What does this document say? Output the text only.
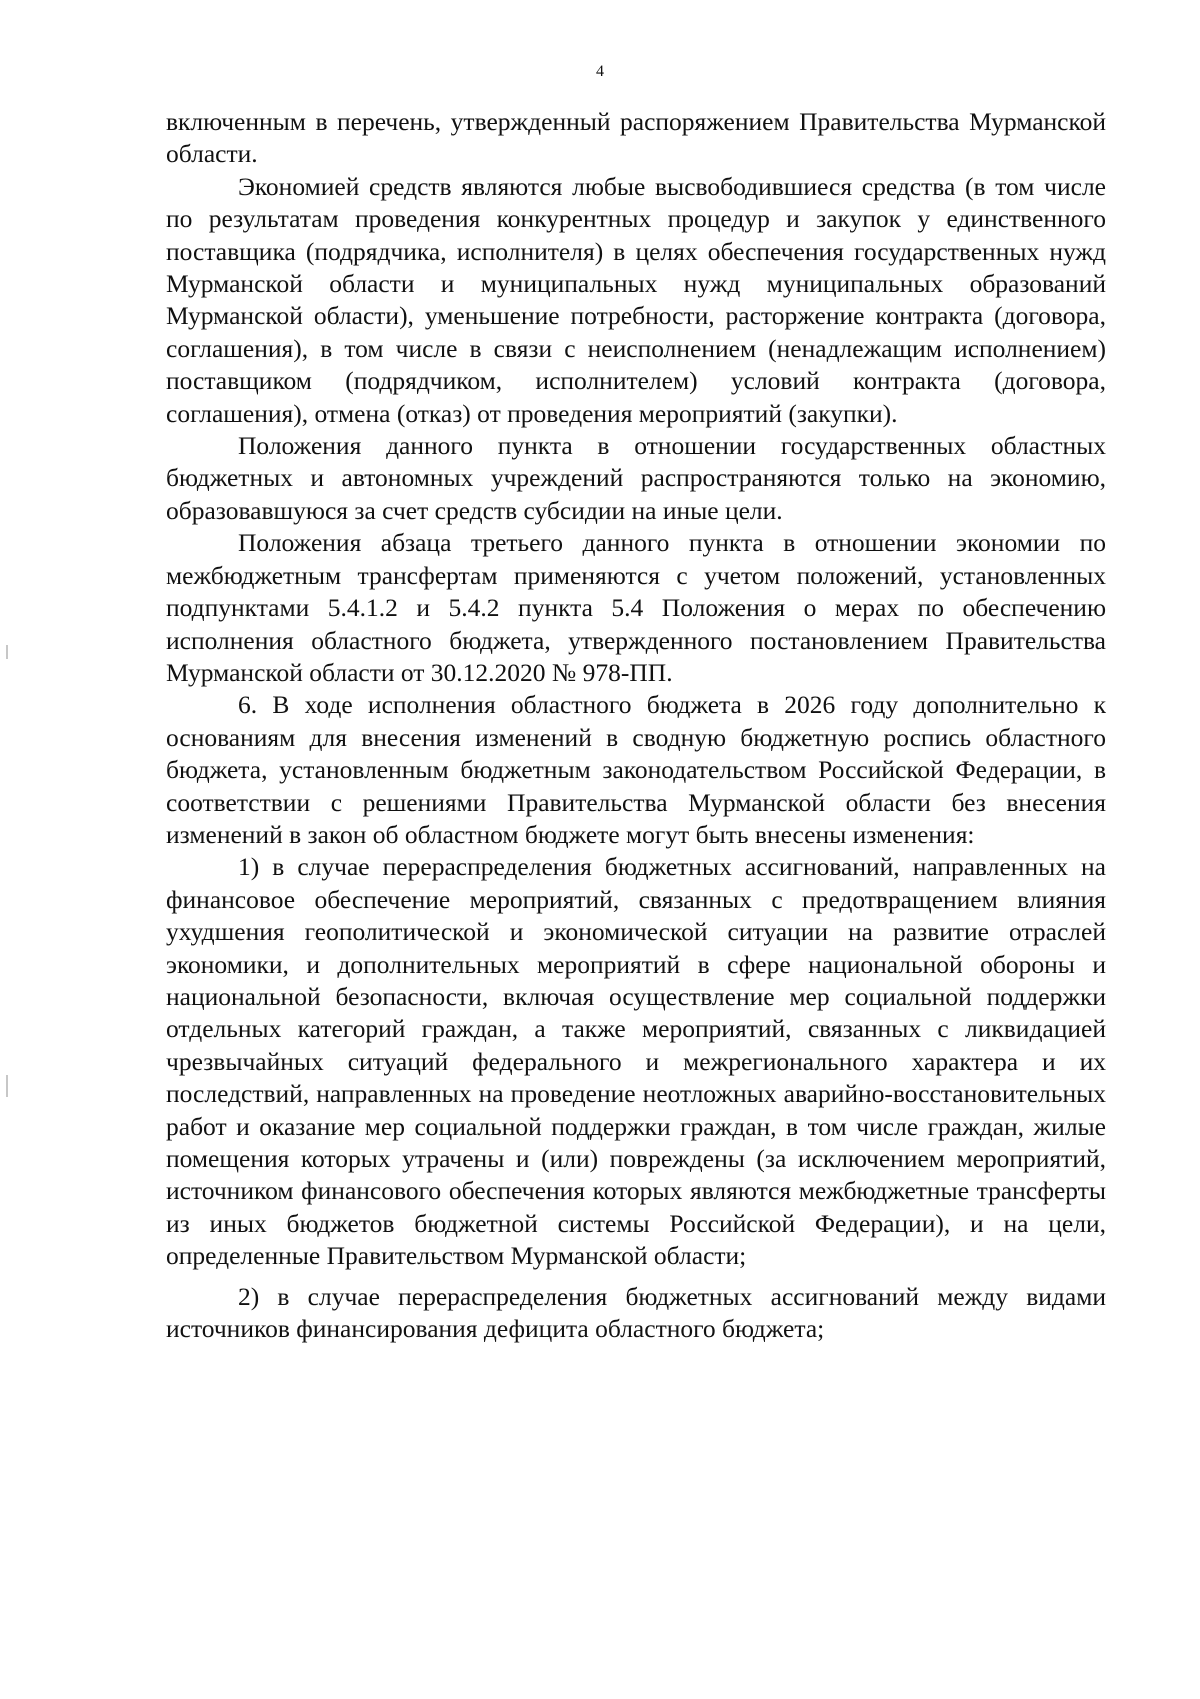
4

включенным в перечень, утвержденный распоряжением Правительства Мурманской области.

Экономией средств являются любые высвободившиеся средства (в том числе по результатам проведения конкурентных процедур и закупок у единственного поставщика (подрядчика, исполнителя) в целях обеспечения государственных нужд Мурманской области и муниципальных нужд муниципальных образований Мурманской области), уменьшение потребности, расторжение контракта (договора, соглашения), в том числе в связи с неисполнением (ненадлежащим исполнением) поставщиком (подрядчиком, исполнителем) условий контракта (договора, соглашения), отмена (отказ) от проведения мероприятий (закупки).

Положения данного пункта в отношении государственных областных бюджетных и автономных учреждений распространяются только на экономию, образовавшуюся за счет средств субсидии на иные цели.

Положения абзаца третьего данного пункта в отношении экономии по межбюджетным трансфертам применяются с учетом положений, установленных подпунктами 5.4.1.2 и 5.4.2 пункта 5.4 Положения о мерах по обеспечению исполнения областного бюджета, утвержденного постановлением Правительства Мурманской области от 30.12.2020 № 978-ПП.

6. В ходе исполнения областного бюджета в 2026 году дополнительно к основаниям для внесения изменений в сводную бюджетную роспись областного бюджета, установленным бюджетным законодательством Российской Федерации, в соответствии с решениями Правительства Мурманской области без внесения изменений в закон об областном бюджете могут быть внесены изменения:

1) в случае перераспределения бюджетных ассигнований, направленных на финансовое обеспечение мероприятий, связанных с предотвращением влияния ухудшения геополитической и экономической ситуации на развитие отраслей экономики, и дополнительных мероприятий в сфере национальной обороны и национальной безопасности, включая осуществление мер социальной поддержки отдельных категорий граждан, а также мероприятий, связанных с ликвидацией чрезвычайных ситуаций федерального и межрегионального характера и их последствий, направленных на проведение неотложных аварийно-восстановительных работ и оказание мер социальной поддержки граждан, в том числе граждан, жилые помещения которых утрачены и (или) повреждены (за исключением мероприятий, источником финансового обеспечения которых являются межбюджетные трансферты из иных бюджетов бюджетной системы Российской Федерации), и на цели, определенные Правительством Мурманской области;

2) в случае перераспределения бюджетных ассигнований между видами источников финансирования дефицита областного бюджета;
